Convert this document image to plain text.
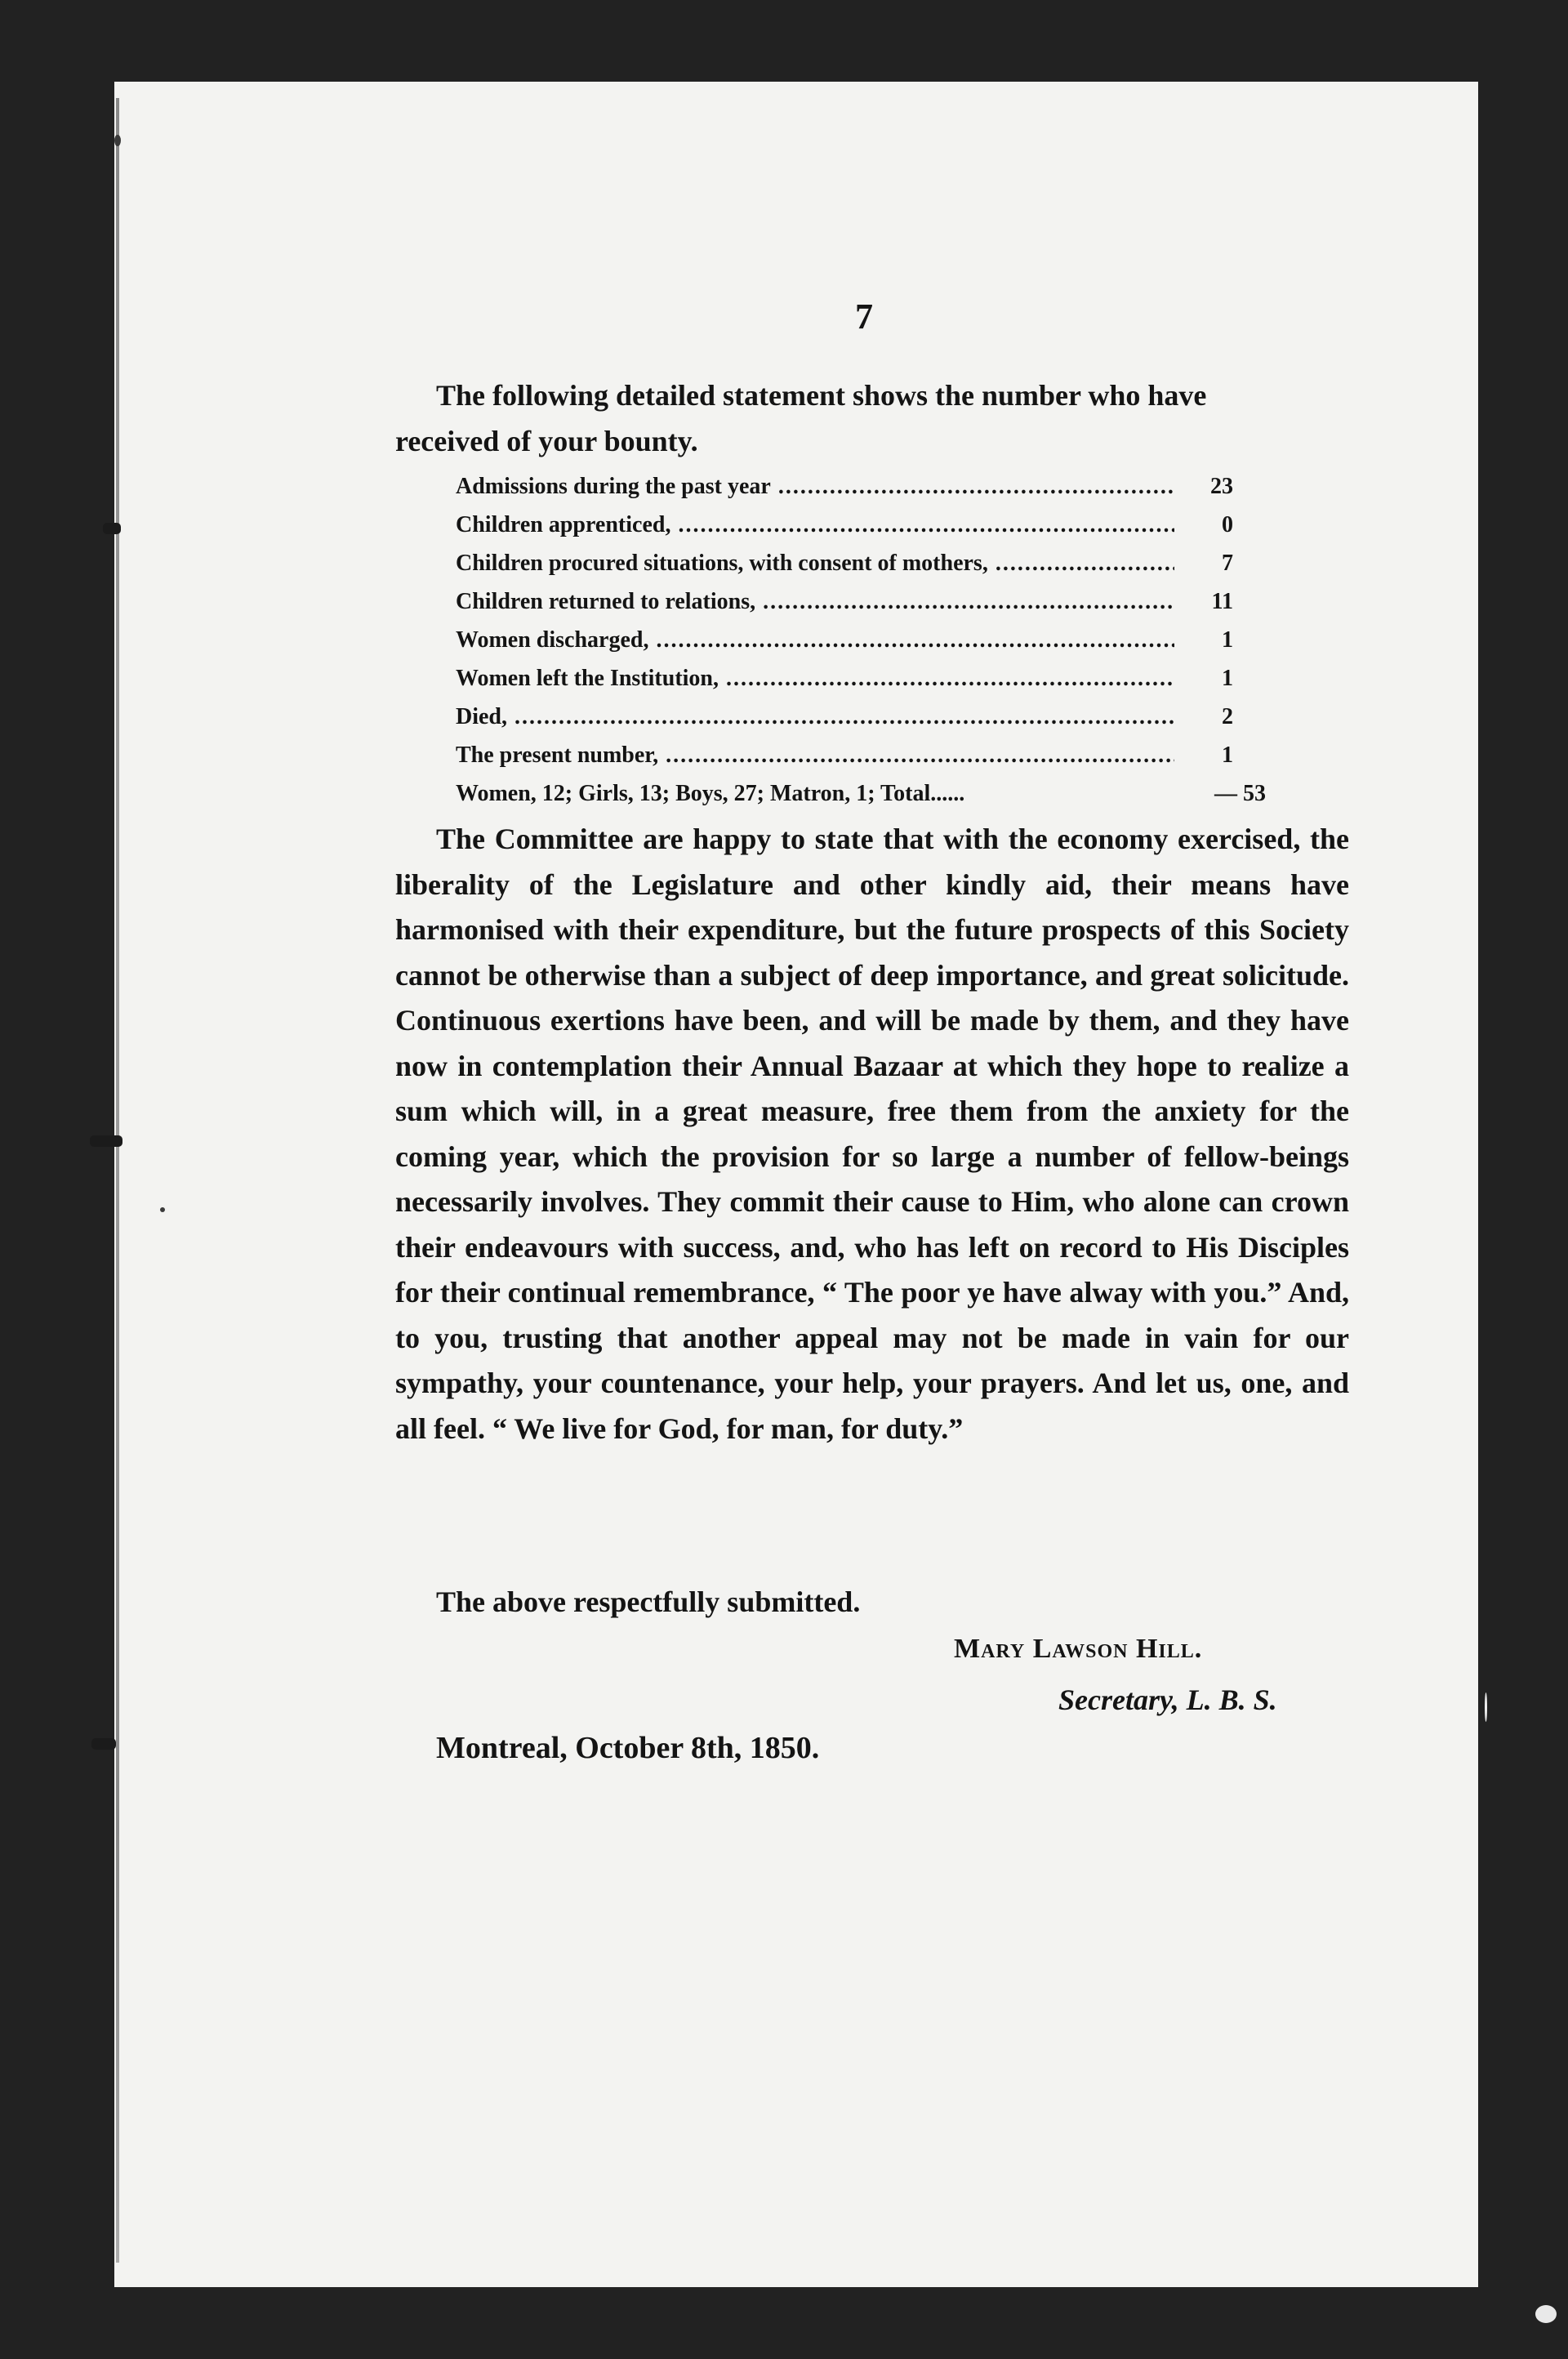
7
The following detailed statement shows the number who have
received of your bounty.
Admissions during the past year .....	23
Children apprenticed, .....	0
Children procured situations, with consent of mothers, .....	7
Children returned to relations, .....	11
Women discharged, .....	1
Women left the Institution, .....	1
Died, .....	2
The present number, .....	1
Women, 12; Girls, 13; Boys, 27; Matron, 1; Total......	— 53
The Committee are happy to state that with the economy exercised, the liberality of the Legislature and other kindly aid, their means have harmonised with their expenditure, but the future prospects of this Society cannot be otherwise than a subject of deep importance, and great solicitude. Continuous exertions have been, and will be made by them, and they have now in contemplation their Annual Bazaar at which they hope to realize a sum which will, in a great measure, free them from the anxiety for the coming year, which the provision for so large a number of fellow-beings necessarily involves. They commit their cause to Him, who alone can crown their endeavours with success, and, who has left on record to His Disciples for their continual remembrance, “ The poor ye have alway with you.” And, to you, trusting that another appeal may not be made in vain for our sympathy, your countenance, your help, your prayers. And let us, one, and all feel. “ We live for God, for man, for duty.”
The above respectfully submitted.
Mary Lawson Hill.
Secretary, L. B. S.
Montreal, October 8th, 1850.
